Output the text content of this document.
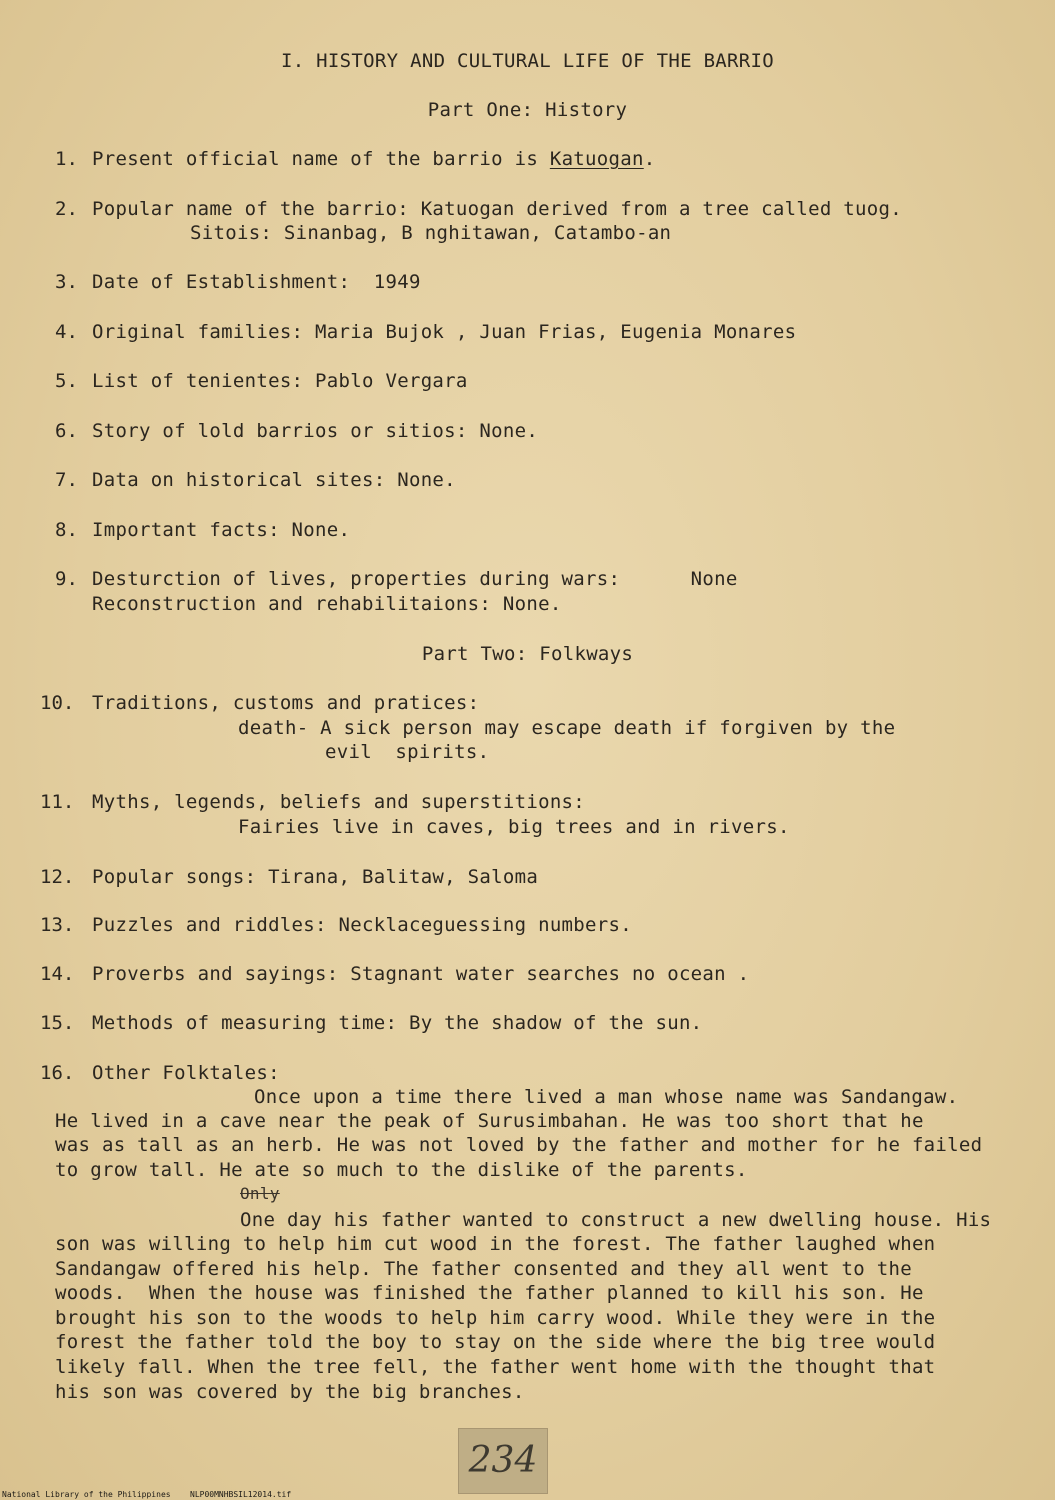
I. HISTORY AND CULTURAL LIFE OF THE BARRIO
Part One: History
1. Present official name of the barrio is Katuogan.
2. Popular name of the barrio: Katuogan derived from a tree called tuog.
Sitois: Sinanbag, B nghitawan, Catambo-an
3. Date of Establishment:  1949
4. Original families: Maria Bujok , Juan Frias, Eugenia Monares
5. List of tenientes: Pablo Vergara
6. Story of lold barrios or sitios: None.
7. Data on historical sites: None.
8. Important facts: None.
9. Desturction of lives, properties during wars:      None
Reconstruction and rehabilitaions: None.
Part Two: Folkways
10. Traditions, customs and pratices:
death- A sick person may escape death if forgiven by the
evil  spirits.
11. Myths, legends, beliefs and superstitions:
Fairies live in caves, big trees and in rivers.
12. Popular songs: Tirana, Balitaw, Saloma
13. Puzzles and riddles: Necklaceguessing numbers.
14. Proverbs and sayings: Stagnant water searches no ocean .
15. Methods of measuring time: By the shadow of the sun.
16. Other Folktales:
Once upon a time there lived a man whose name was Sandangaw.
He lived in a cave near the peak of Surusimbahan. He was too short that he
was as tall as an herb. He was not loved by the father and mother for he failed
to grow tall. He ate so much to the dislike of the parents.
Only
One day his father wanted to construct a new dwelling house. His
son was willing to help him cut wood in the forest. The father laughed when
Sandangaw offered his help. The father consented and they all went to the
woods.  When the house was finished the father planned to kill his son. He
brought his son to the woods to help him carry wood. While they were in the
forest the father told the boy to stay on the side where the big tree would
likely fall. When the tree fell, the father went home with the thought that
his son was covered by the big branches.
234
National Library of the Philippines NLP00MNHBSIL12014.tif
